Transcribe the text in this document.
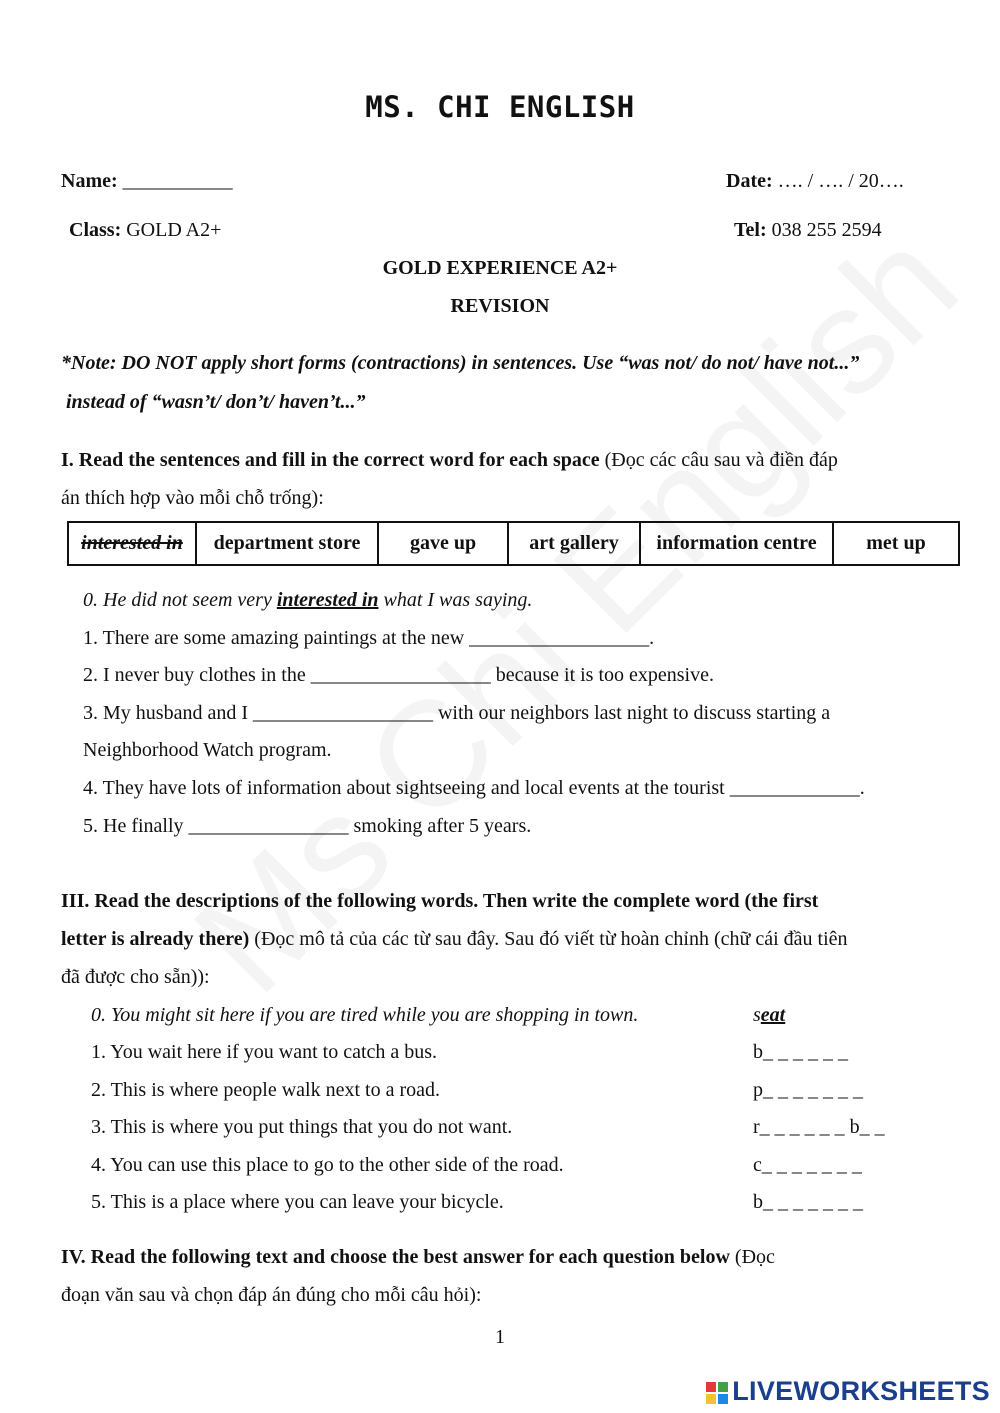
MS. CHI ENGLISH
Name: ___________	Date: …. / …. / 20….
Class: GOLD A2+	Tel: 038 255 2594
GOLD EXPERIENCE A2+
REVISION
*Note: DO NOT apply short forms (contractions) in sentences. Use “was not/ do not/ have not...”
instead of “wasn’t/ don’t/ haven’t...”
I. Read the sentences and fill in the correct word for each space (Đọc các câu sau và điền đáp
án thích hợp vào mỗi chỗ trống):
interested in	department store	gave up	art gallery	information centre	met up
0. He did not seem very interested in what I was saying.
1. There are some amazing paintings at the new __________________.
2. I never buy clothes in the __________________ because it is too expensive.
3. My husband and I __________________ with our neighbors last night to discuss starting a
Neighborhood Watch program.
4. They have lots of information about sightseeing and local events at the tourist _____________.
5. He finally ________________ smoking after 5 years.
III. Read the descriptions of the following words. Then write the complete word (the first
letter is already there) (Đọc mô tả của các từ sau đây. Sau đó viết từ hoàn chỉnh (chữ cái đầu tiên
đã được cho sẵn)):
0. You might sit here if you are tired while you are shopping in town.	seat
1. You wait here if you want to catch a bus.	b_ _ _ _ _ _
2. This is where people walk next to a road.	p_ _ _ _ _ _ _
3. This is where you put things that you do not want.	r_ _ _ _ _ _ b_ _
4. You can use this place to go to the other side of the road.	c_ _ _ _ _ _ _
5. This is a place where you can leave your bicycle.	b_ _ _ _ _ _ _
IV. Read the following text and choose the best answer for each question below (Đọc
đoạn văn sau và chọn đáp án đúng cho mỗi câu hỏi):
1
LIVEWORKSHEETS
